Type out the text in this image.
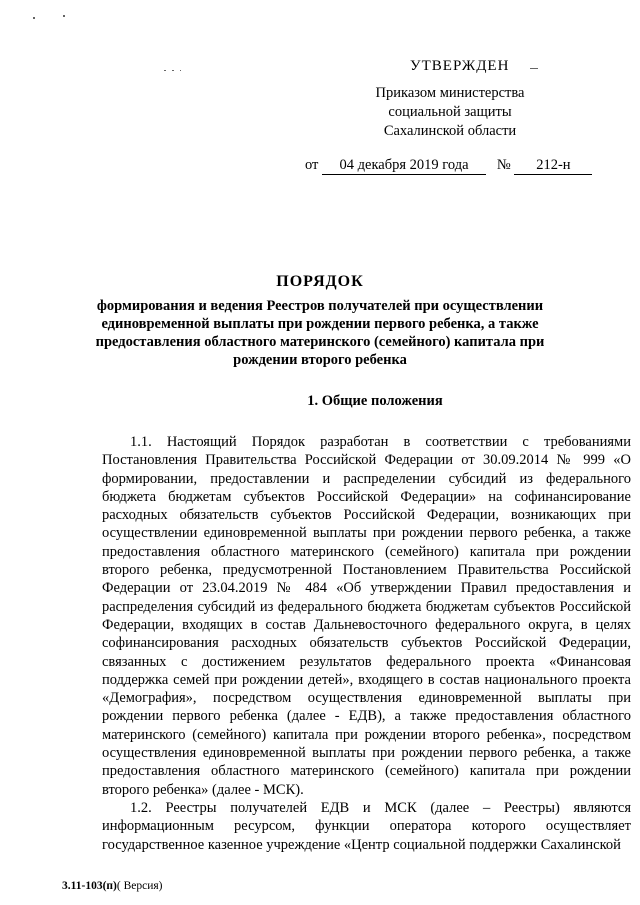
УТВЕРЖДЕН
Приказом министерства
социальной защиты
Сахалинской области
от 04 декабря 2019 года № 212-н
ПОРЯДОК
формирования и ведения Реестров получателей при осуществлении
единовременной выплаты при рождении первого ребенка, а также
предоставления областного материнского (семейного) капитала при
рождении второго ребенка
1. Общие положения

1.1. Настоящий Порядок разработан в соответствии с требованиями Постановления Правительства Российской Федерации от 30.09.2014 № 999 «О формировании, предоставлении и распределении субсидий из федерального бюджета бюджетам субъектов Российской Федерации» на софинансирование расходных обязательств субъектов Российской Федерации, возникающих при осуществлении единовременной выплаты при рождении первого ребенка, а также предоставления областного материнского (семейного) капитала при рождении второго ребенка, предусмотренной Постановлением Правительства Российской Федерации от 23.04.2019 № 484 «Об утверждении Правил предоставления и распределения субсидий из федерального бюджета бюджетам субъектов Российской Федерации, входящих в состав Дальневосточного федерального округа, в целях софинансирования расходных обязательств субъектов Российской Федерации, связанных с достижением результатов федерального проекта «Финансовая поддержка семей при рождении детей», входящего в состав национального проекта «Демография», посредством осуществления единовременной выплаты при рождении первого ребенка (далее - ЕДВ), а также предоставления областного материнского (семейного) капитала при рождении второго ребенка», посредством осуществления единовременной выплаты при рождении первого ребенка, а также предоставления областного материнского (семейного) капитала при рождении второго ребенка» (далее - МСК).

1.2. Реестры получателей ЕДВ и МСК (далее – Реестры) являются информационным ресурсом, функции оператора которого осуществляет государственное казенное учреждение «Центр социальной поддержки Сахалинской

3.11-103(п)( Версия)
